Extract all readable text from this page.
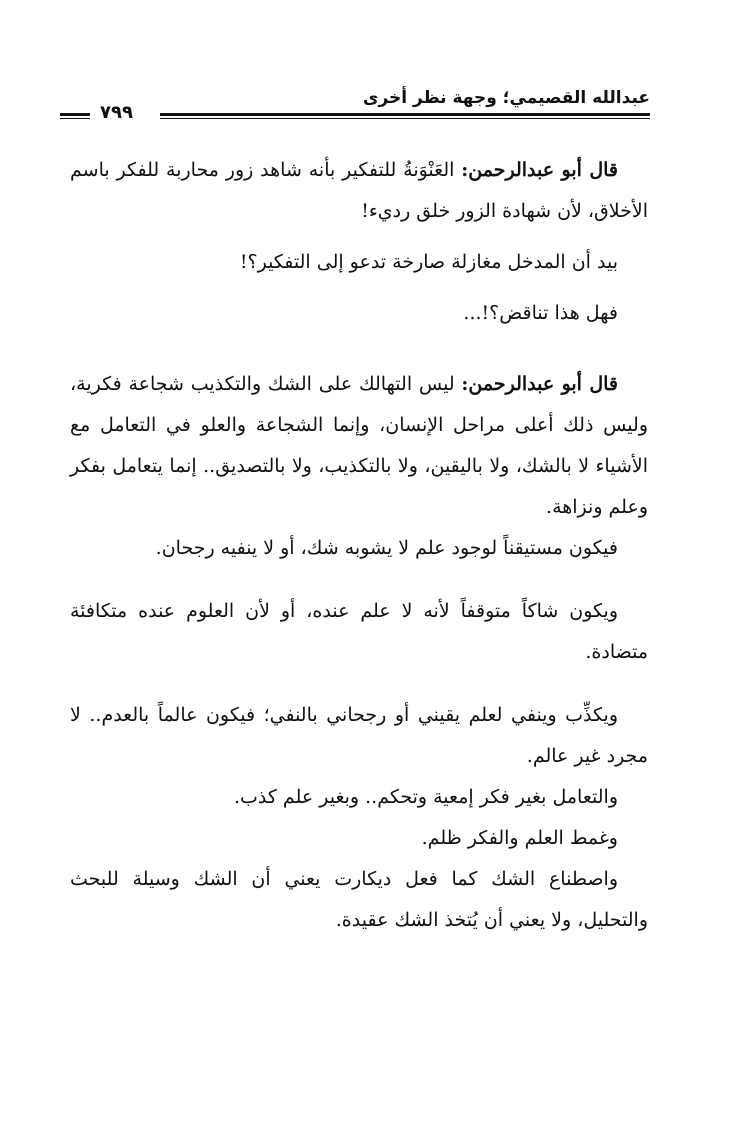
عبدالله القصيمي؛ وجهة نظر أخرى
٧٩٩

قال أبو عبدالرحمن: العَنْوَنةُ للتفكير بأنه شاهد زور محاربة للفكر باسم الأخلاق، لأن شهادة الزور خلق رديء!

بيد أن المدخل مغازلة صارخة تدعو إلى التفكير؟!

فهل هذا تناقض؟!...

قال أبو عبدالرحمن: ليس التهالك على الشك والتكذيب شجاعة فكرية، وليس ذلك أعلى مراحل الإنسان، وإنما الشجاعة والعلو في التعامل مع الأشياء لا بالشك، ولا باليقين، ولا بالتكذيب، ولا بالتصديق.. إنما يتعامل بفكر وعلم ونزاهة.

فيكون مستيقناً لوجود علم لا يشوبه شك، أو لا ينفيه رجحان.

ويكون شاكاً متوقفاً لأنه لا علم عنده، أو لأن العلوم عنده متكافئة متضادة.

ويكذِّب وينفي لعلم يقيني أو رجحاني بالنفي؛ فيكون عالماً بالعدم.. لا مجرد غير عالم.

والتعامل بغير فكر إمعية وتحكم.. وبغير علم كذب.

وغمط العلم والفكر ظلم.

واصطناع الشك كما فعل ديكارت يعني أن الشك وسيلة للبحث والتحليل، ولا يعني أن يُتخذ الشك عقيدة.
